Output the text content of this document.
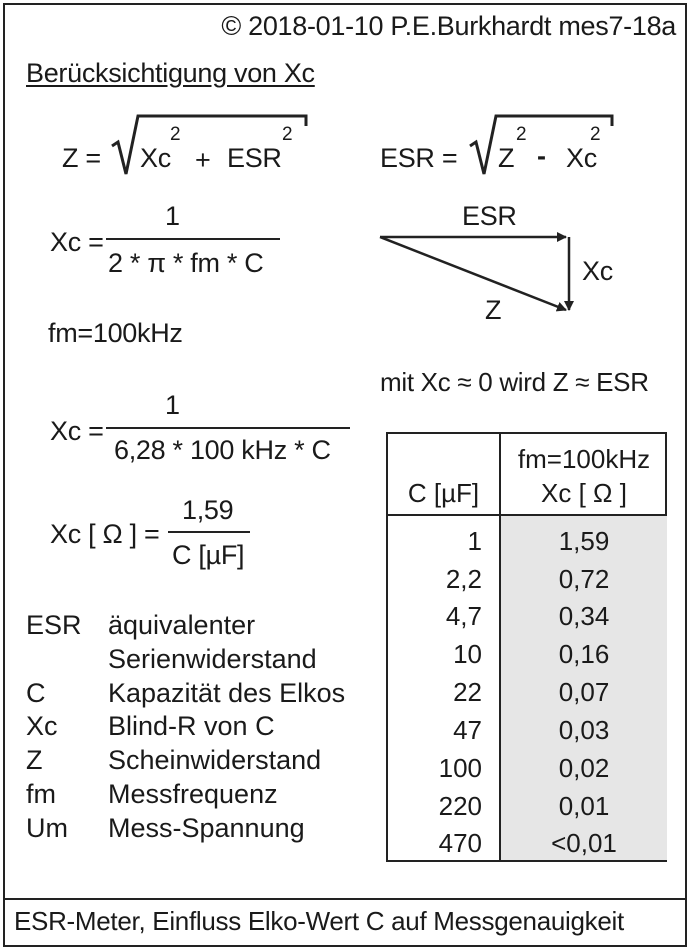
© 2018-01-10 P.E.Burkhardt mes7-18a
Berücksichtigung von Xc
Z = Xc
2
+ ESR
2
ESR = Z
2
- Xc
2
Xc =
1
2 * π * fm * C
fm=100kHz
Xc =
1
6,28 * 100 kHz * C
Xc [ Ω ] =
1,59
C [µF]
ESR
Xc
Z
mit Xc ≈ 0 wird Z ≈ ESR
ESR äquivalenter
Serienwiderstand
C Kapazität des Elkos
Xc Blind-R von C
Z Scheinwiderstand
fm Messfrequenz
Um Mess-Spannung
C [µF]
fm=100kHz
Xc [ Ω ]
1	1,59
2,2	0,72
4,7	0,34
10	0,16
22	0,07
47	0,03
100	0,02
220	0,01
470	<0,01
ESR-Meter, Einfluss Elko-Wert C auf Messgenauigkeit
